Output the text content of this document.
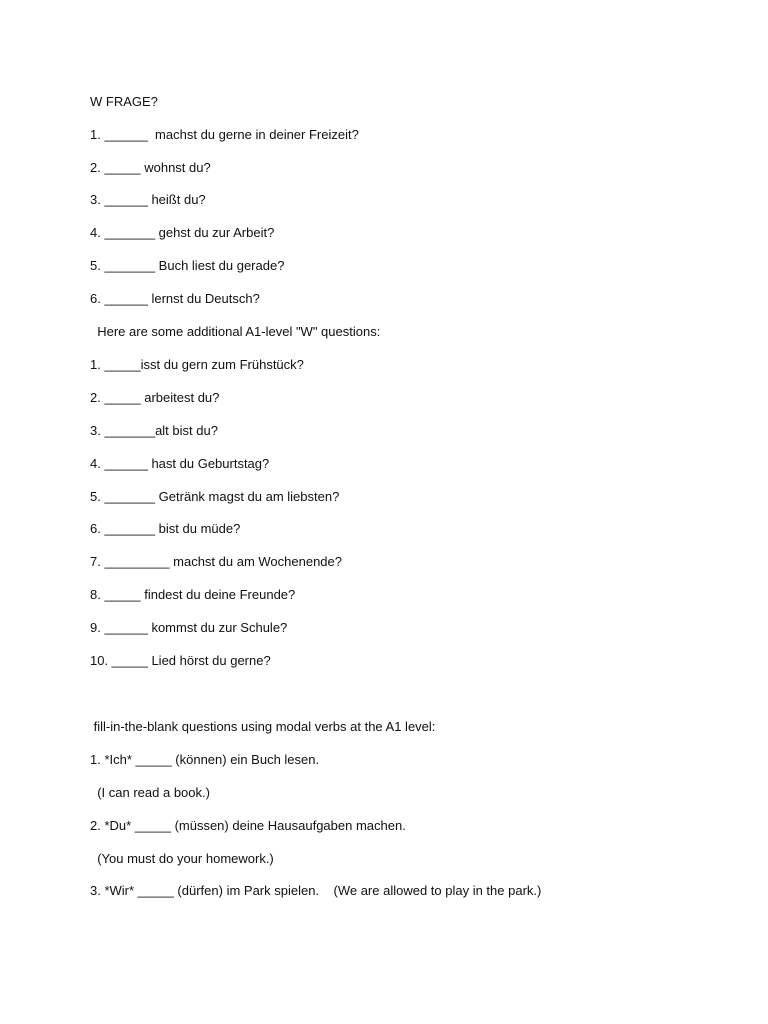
W FRAGE?
1. ______  machst du gerne in deiner Freizeit?
2. _____ wohnst du?
3. ______ heißt du?
4. _______ gehst du zur Arbeit?
5. _______ Buch liest du gerade?
6. ______ lernst du Deutsch?
Here are some additional A1-level "W" questions:
1. _____isst du gern zum Frühstück?
2. _____ arbeitest du?
3. _______alt bist du?
4. ______ hast du Geburtstag?
5. _______ Getränk magst du am liebsten?
6. _______ bist du müde?
7. _________ machst du am Wochenende?
8. _____ findest du deine Freunde?
9. ______ kommst du zur Schule?
10. _____ Lied hörst du gerne?
fill-in-the-blank questions using modal verbs at the A1 level:
1. *Ich* _____ (können) ein Buch lesen.
(I can read a book.)
2. *Du* _____ (müssen) deine Hausaufgaben machen.
(You must do your homework.)
3. *Wir* _____ (dürfen) im Park spielen.    (We are allowed to play in the park.)
